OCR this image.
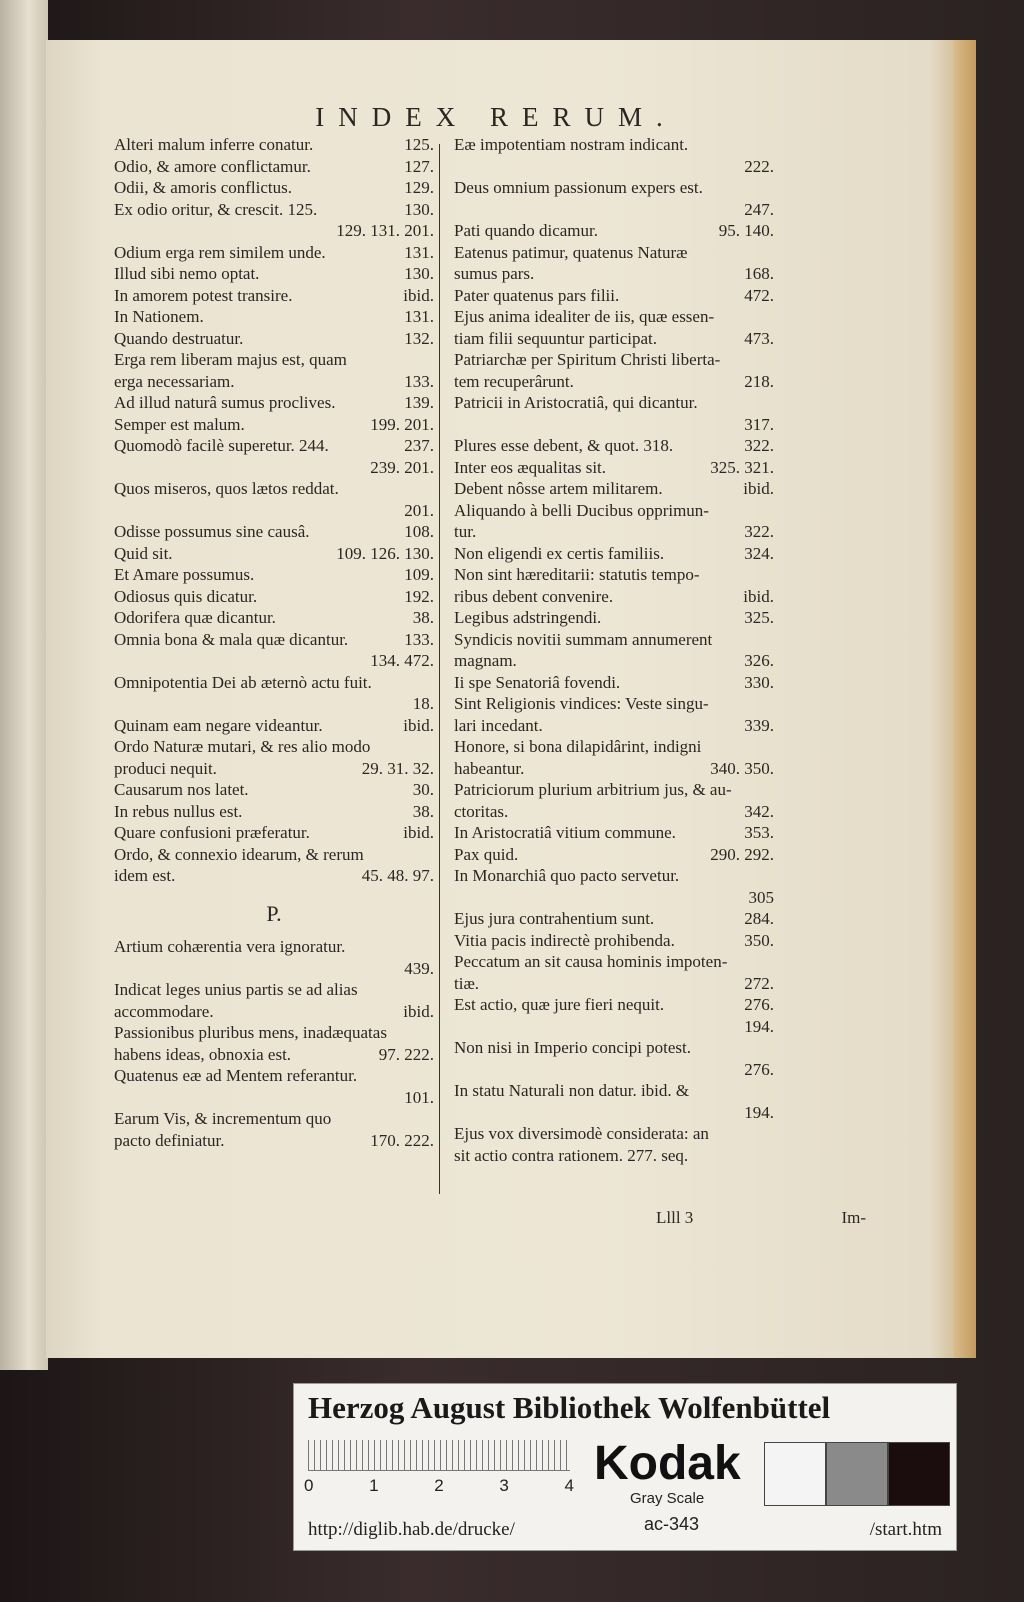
INDEX RERUM.
Alteri malum inferre conatur.	125.
Odio, & amore conflictamur.	127.
Odii, & amoris conflictus.	129.
Ex odio oritur, & crescit. 125.	130.
129. 131. 201.
Odium erga rem similem unde.	131.
Illud sibi nemo optat.	130.
In amorem potest transire.	ibid.
In Nationem.	131.
Quando destruatur.	132.
Erga rem liberam majus est, quam
erga necessariam.	133.
Ad illud naturâ sumus proclives.	139.
Semper est malum.	199. 201.
Quomodò facilè superetur. 244.	237.
239. 201.
Quos miseros, quos lætos reddat.
201.
Odisse possumus sine causâ.	108.
Quid sit.	109. 126. 130.
Et Amare possumus.	109.
Odiosus quis dicatur.	192.
Odorifera quæ dicantur.	38.
Omnia bona & mala quæ dicantur.	133.
134. 472.
Omnipotentia Dei ab æternò actu fuit.
18.
Quinam eam negare videantur.	ibid.
Ordo Naturæ mutari, & res alio modo
produci nequit.	29. 31. 32.
Causarum nos latet.	30.
In rebus nullus est.	38.
Quare confusioni præferatur.	ibid.
Ordo, & connexio idearum, & rerum
idem est.	45. 48. 97.
P.
Artium cohærentia vera ignoratur.
439.
Indicat leges unius partis se ad alias
accommodare.	ibid.
Passionibus pluribus mens, inadæquatas
habens ideas, obnoxia est.	97. 222.
Quatenus eæ ad Mentem referantur.
101.
Earum Vis, & incrementum quo
pacto definiatur.	170. 222.
Eæ impotentiam nostram indicant.
222.
Deus omnium passionum expers est.
247.
Pati quando dicamur.	95. 140.
Eatenus patimur, quatenus Naturæ
sumus pars.	168.
Pater quatenus pars filii.	472.
Ejus anima idealiter de iis, quæ essen-
tiam filii sequuntur participat.	473.
Patriarchæ per Spiritum Christi liberta-
tem recuperârunt.	218.
Patricii in Aristocratiâ, qui dicantur.
317.
Plures esse debent, & quot. 318.	322.
Inter eos æqualitas sit.	325. 321.
Debent nôsse artem militarem.	ibid.
Aliquando à belli Ducibus opprimun-
tur.	322.
Non eligendi ex certis familiis.	324.
Non sint hæreditarii: statutis tempo-
ribus debent convenire.	ibid.
Legibus adstringendi.	325.
Syndicis novitii summam annumerent
magnam.	326.
Ii spe Senatoriâ fovendi.	330.
Sint Religionis vindices: Veste singu-
lari incedant.	339.
Honore, si bona dilapidârint, indigni
habeantur.	340. 350.
Patriciorum plurium arbitrium jus, & au-
ctoritas.	342.
In Aristocratiâ vitium commune.	353.
Pax quid.	290. 292.
In Monarchiâ quo pacto servetur.
305
Ejus jura contrahentium sunt.	284.
Vitia pacis indirectè prohibenda.	350.
Peccatum an sit causa hominis impoten-
tiæ.	272.
Est actio, quæ jure fieri nequit.	276.
194.
Non nisi in Imperio concipi potest.
276.
In statu Naturali non datur. ibid. &
194.
Ejus vox diversimodè considerata: an
sit actio contra rationem. 277. seq.
Llll 3	Im-
Herzog August Bibliothek Wolfenbüttel
0	1	2	3	4 Kodak
Gray Scale
http://diglib.hab.de/drucke/	ac-343	/start.htm
